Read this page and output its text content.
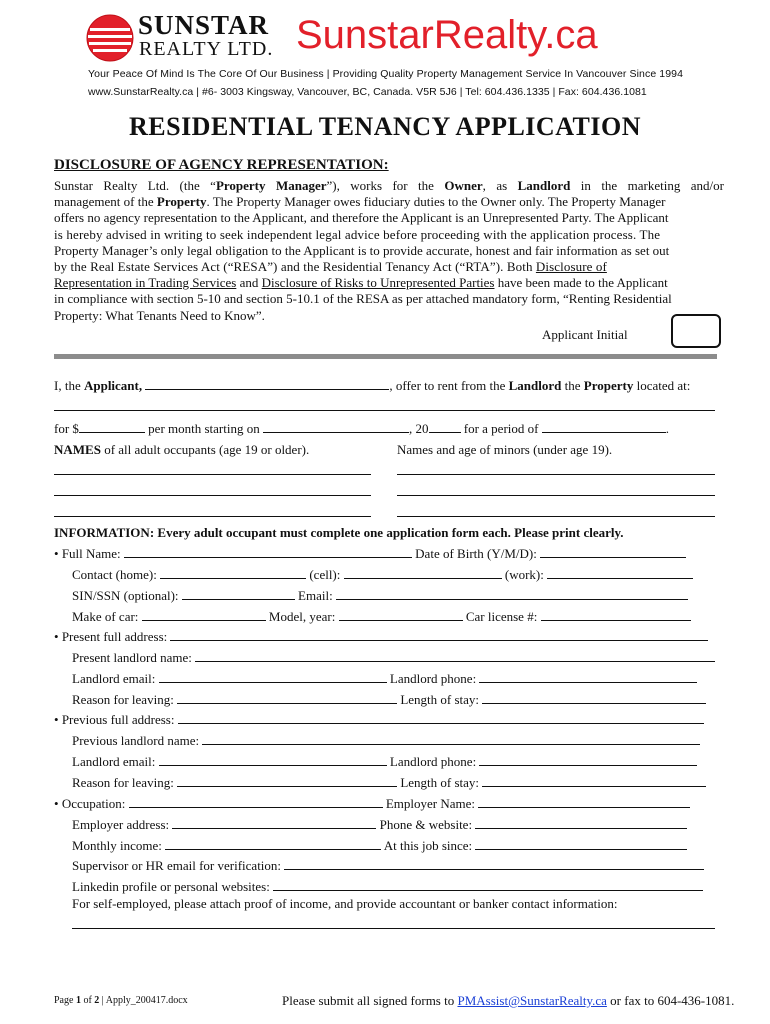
SUNSTAR
REALTY LTD. SunstarRealty.ca
Your Peace Of Mind Is The Core Of Our Business | Providing Quality Property Management Service In Vancouver Since 1994
www.SunstarRealty.ca | #6- 3003 Kingsway, Vancouver, BC, Canada. V5R 5J6 | Tel: 604.436.1335 | Fax: 604.436.1081
RESIDENTIAL TENANCY APPLICATION
DISCLOSURE OF AGENCY REPRESENTATION:
Sunstar Realty Ltd. (the “Property Manager”), works for the Owner, as Landlord in the marketing and/or
management of the Property. The Property Manager owes fiduciary duties to the Owner only. The Property Manager
offers no agency representation to the Applicant, and therefore the Applicant is an Unrepresented Party. The Applicant
is hereby advised in writing to seek independent legal advice before proceeding with the application process. The
Property Manager’s only legal obligation to the Applicant is to provide accurate, honest and fair information as set out
by the Real Estate Services Act (“RESA”) and the Residential Tenancy Act (“RTA”). Both Disclosure of
Representation in Trading Services and Disclosure of Risks to Unrepresented Parties have been made to the Applicant
in compliance with section 5-10 and section 5-10.1 of the RESA as per attached mandatory form, “Renting Residential
Property: What Tenants Need to Know”.
Applicant Initial
I, the Applicant,	, offer to rent from the Landlord the Property located at:
for $	per month starting on	, 20 for a period of	.
NAMES of all adult occupants (age 19 or older).	Names and age of minors (under age 19).
INFORMATION: Every adult occupant must complete one application form each. Please print clearly.
• Full Name:	Date of Birth (Y/M/D):
Contact (home):	(cell):	(work):
SIN/SSN (optional):	Email:
Make of car:	Model, year:	Car license #:
• Present full address:
Present landlord name:
Landlord email:	Landlord phone:
Reason for leaving:	Length of stay:
• Previous full address:
Previous landlord name:
Landlord email:	Landlord phone:
Reason for leaving:	Length of stay:
• Occupation:	Employer Name:
Employer address:	Phone & website:
Monthly income:	At this job since:
Supervisor or HR email for verification:
Linkedin profile or personal websites:
For self-employed, please attach proof of income, and provide accountant or banker contact information:
Page 1 of 2 | Apply_200417.docx	Please submit all signed forms to PMAssist@SunstarRealty.ca or fax to 604-436-1081.
